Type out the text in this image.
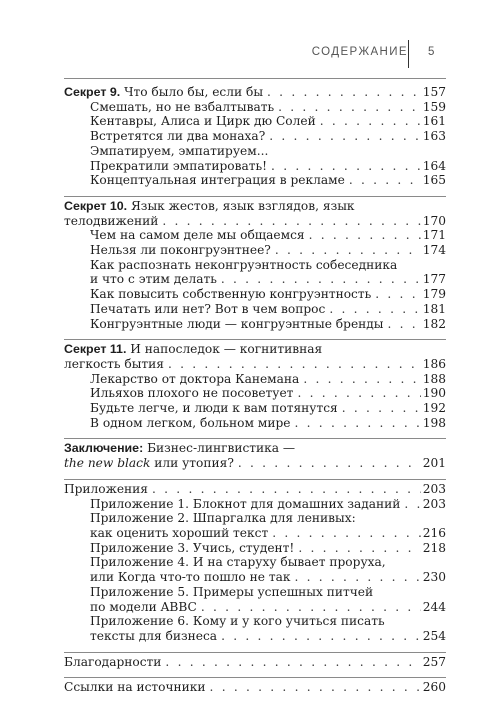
СОДЕРЖАНИЕ 5
Секрет 9.
Что было бы, если бы . . .	157
Смешать, но не взбалтывать . . .	159
Кентавры, Алиса и Цирк дю Солей . . .	161
Встретятся ли два монаха? . . .	163
Эмпатируем, эмпатируем...
Прекратили эмпатировать! . . .	164
Концептуальная интеграция в рекламе . . .	165
Секрет 10.
Язык жестов, язык взглядов, язык
телодвижений . . .	170
Чем на самом деле мы общаемся . . .	171
Нельзя ли поконгруэнтнее? . . .	174
Как распознать неконгруэнтность собеседника
и что с этим делать . . .	177
Как повысить собственную конгруэнтность . . .	179
Печатать или нет? Вот в чем вопрос . . .	181
Конгруэнтные люди — конгруэнтные бренды . . .	182
Секрет 11.
И напоследок — когнитивная
легкость бытия . . .	186
Лекарство от доктора Канемана . . .	188
Ильяхов плохого не посоветует . . .	190
Будьте легче, и люди к вам потянутся . . .	192
В одном легком, больном мире . . .	198
Заключение:
Бизнес-лингвистика —
the new black
или утопия? . . .	201
Приложения . . .	203
Приложение 1. Блокнот для домашних заданий . . . 203
Приложение 2. Шпаргалка для ленивых:
как оценить хороший текст . . .	216
Приложение 3. Учись, студент! . . .	218
Приложение 4. И на старуху бывает проруха,
или Когда что-то пошло не так . . .	230
Приложение 5. Примеры успешных питчей
по модели ABBC . . .	244
Приложение 6. Кому и у кого учиться писать
тексты для бизнеса . . .	254
Благодарности . . .	257
Ссылки на источники . . .	260
